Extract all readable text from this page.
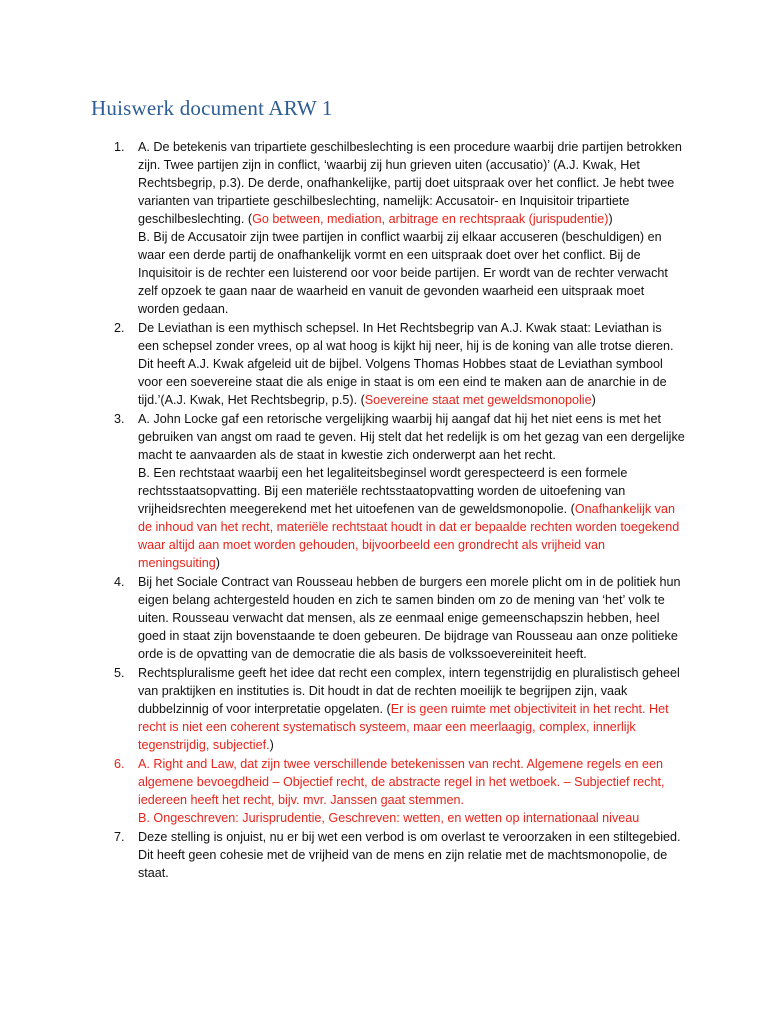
Huiswerk document ARW 1
1.	A. De betekenis van tripartiete geschilbeslechting is een procedure waarbij drie partijen betrokken zijn. Twee partijen zijn in conflict, ‘waarbij zij hun grieven uiten (accusatio)’ (A.J. Kwak, Het Rechtsbegrip, p.3). De derde, onafhankelijke, partij doet uitspraak over het conflict. Je hebt twee varianten van tripartiete geschilbeslechting, namelijk: Accusatoir- en Inquisitoir tripartiete geschilbeslechting. (Go between, mediation, arbitrage en rechtspraak (jurispudentie))
B. Bij de Accusatoir zijn twee partijen in conflict waarbij zij elkaar accuseren (beschuldigen) en waar een derde partij de onafhankelijk vormt en een uitspraak doet over het conflict. Bij de Inquisitoir is de rechter een luisterend oor voor beide partijen. Er wordt van de rechter verwacht zelf opzoek te gaan naar de waarheid en vanuit de gevonden waarheid een uitspraak moet worden gedaan.
2.	De Leviathan is een mythisch schepsel. In Het Rechtsbegrip van A.J. Kwak staat: Leviathan is een schepsel zonder vrees, op al wat hoog is kijkt hij neer, hij is de koning van alle trotse dieren. Dit heeft A.J. Kwak afgeleid uit de bijbel. Volgens Thomas Hobbes staat de Leviathan symbool voor een soevereine staat die als enige in staat is om een eind te maken aan de anarchie in de tijd.’(A.J. Kwak, Het Rechtsbegrip, p.5). (Soevereine staat met geweldsmonopolie)
3.	A. John Locke gaf een retorische vergelijking waarbij hij aangaf dat hij het niet eens is met het gebruiken van angst om raad te geven. Hij stelt dat het redelijk is om het gezag van een dergelijke macht te aanvaarden als de staat in kwestie zich onderwerpt aan het recht.
B. Een rechtstaat waarbij een het legaliteitsbeginsel wordt gerespecteerd is een formele rechtsstaatsopvatting. Bij een materiële rechtsstaatopvatting worden de uitoefening van vrijheidsrechten meegerekend met het uitoefenen van de geweldsmonopolie. (Onafhankelijk van de inhoud van het recht, materiële rechtstaat houdt in dat er bepaalde rechten worden toegekend waar altijd aan moet worden gehouden, bijvoorbeeld een grondrecht als vrijheid van meningsuiting)
4.	Bij het Sociale Contract van Rousseau hebben de burgers een morele plicht om in de politiek hun eigen belang achtergesteld houden en zich te samen binden om zo de mening van ‘het’ volk te uiten. Rousseau verwacht dat mensen, als ze eenmaal enige gemeenschapszin hebben, heel goed in staat zijn bovenstaande te doen gebeuren. De bijdrage van Rousseau aan onze politieke orde is de opvatting van de democratie die als basis de volkssoevereiniteit heeft.
5.	Rechtspluralisme geeft het idee dat recht een complex, intern tegenstrijdig en pluralistisch geheel van praktijken en instituties is. Dit houdt in dat de rechten moeilijk te begrijpen zijn, vaak dubbelzinnig of voor interpretatie opgelaten. (Er is geen ruimte met objectiviteit in het recht. Het recht is niet een coherent systematisch systeem, maar een meerlaagig, complex, innerlijk tegenstrijdig, subjectief.)
6.	A. Right and Law, dat zijn twee verschillende betekenissen van recht. Algemene regels en een algemene bevoegdheid – Objectief recht, de abstracte regel in het wetboek. – Subjectief recht, iedereen heeft het recht, bijv. mvr. Janssen gaat stemmen.
B. Ongeschreven: Jurisprudentie, Geschreven: wetten, en wetten op internationaal niveau
7.	Deze stelling is onjuist, nu er bij wet een verbod is om overlast te veroorzaken in een stiltegebied. Dit heeft geen cohesie met de vrijheid van de mens en zijn relatie met de machtsmonopolie, de staat.
